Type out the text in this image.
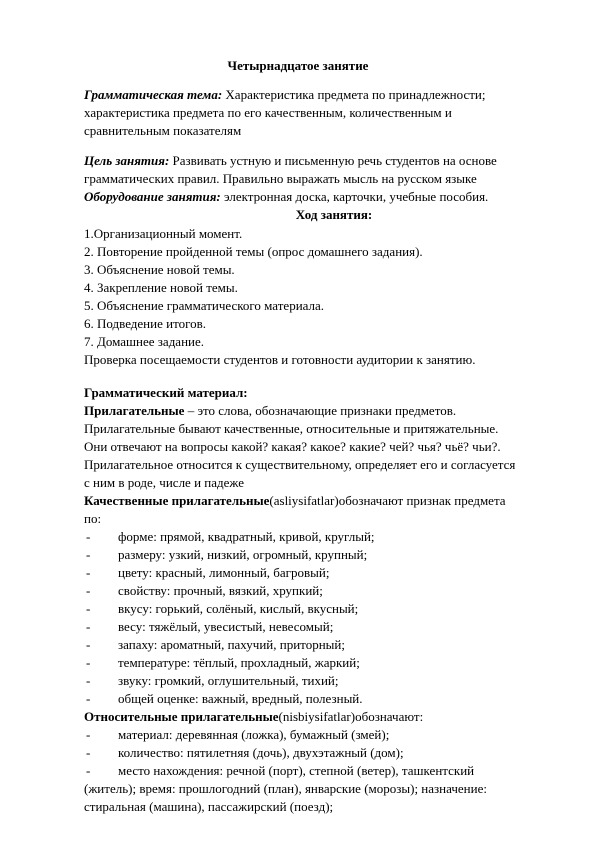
Четырнадцатое занятие
Грамматическая тема: Характеристика предмета по принадлежности;
характеристика предмета по его качественным, количественным и
сравнительным показателям
Цель занятия: Развивать устную и письменную речь студентов на основе
грамматических правил. Правильно выражать мысль на русском языке
Оборудование занятия: электронная доска, карточки, учебные пособия.
Ход занятия:
1.Организационный момент.
2. Повторение пройденной темы (опрос домашнего задания).
3. Объяснение новой темы.
4. Закрепление новой темы.
5. Объяснение грамматического материала.
6. Подведение итогов.
7. Домашнее задание.
Проверка посещаемости студентов и готовности аудитории к занятию.
Грамматический материал:
Прилагательные – это слова, обозначающие признаки предметов.
Прилагательные бывают качественные, относительные и притяжательные.
Они отвечают на вопросы какой? какая? какое? какие? чей? чья? чьё? чьи?.
Прилагательное относится к существительному, определяет его и согласуется
с ним в роде, числе и падеже
Качественные прилагательные(asliysifatlar)обозначают признак предмета
по:
- форме: прямой, квадратный, кривой, круглый;
- размеру: узкий, низкий, огромный, крупный;
- цвету: красный, лимонный, багровый;
- свойству: прочный, вязкий, хрупкий;
- вкусу: горький, солёный, кислый, вкусный;
- весу: тяжёлый, увесистый, невесомый;
- запаху: ароматный, пахучий, приторный;
- температуре: тёплый, прохладный, жаркий;
- звуку: громкий, оглушительный, тихий;
- общей оценке: важный, вредный, полезный.
Относительные прилагательные(nisbiysifatlar)обозначают:
- материал: деревянная (ложка), бумажный (змей);
- количество: пятилетняя (дочь), двухэтажный (дом);
- место нахождения: речной (порт), степной (ветер), ташкентский
(житель); время: прошлогодний (план), январские (морозы); назначение:
стиральная (машина), пассажирский (поезд);
